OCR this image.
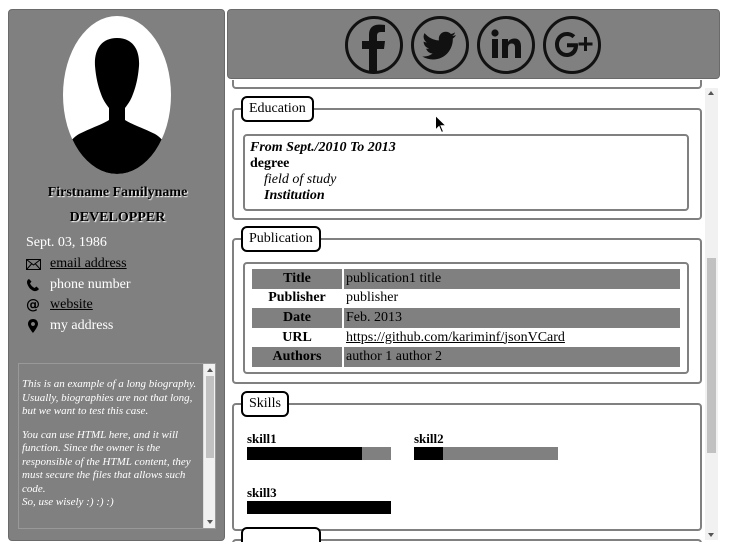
Firstname Familyname
DEVELOPPER
Sept. 03, 1986
email address
phone number
@ website
my address

This is an example of a long biography. Usually, biographies are not that long, but we want to test this case.

You can use HTML here, and it will function. Since the owner is the responsible of the HTML content, they must secure the files that allows such code.

So, use wisely :) :) :)

Education
From Sept./2010 To 2013
degree
field of study
Institution
Publication
Title	publication1 title
Publisher	publisher
Date	Feb. 2013
URL	https://github.com/kariminf/jsonVCard
Authors	author 1 author 2
Skills
skill1	skill2
skill3
